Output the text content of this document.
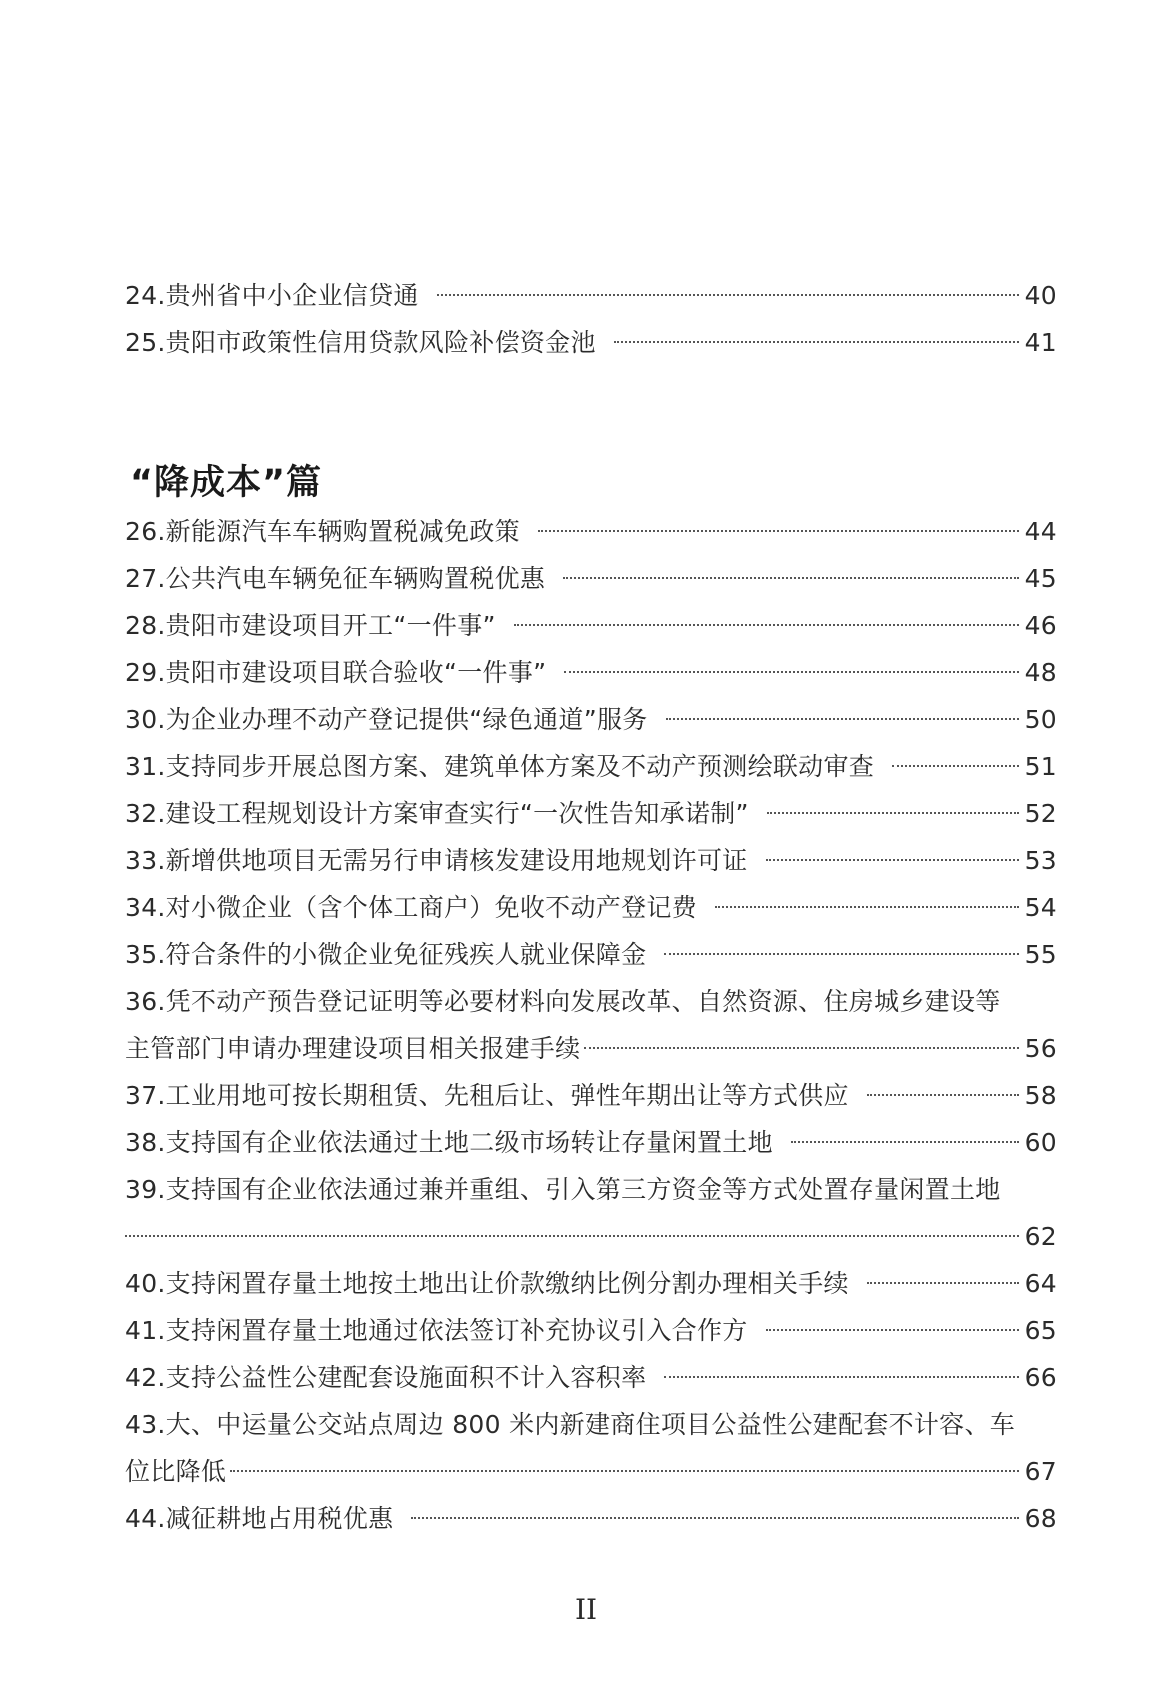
24.贵州省中小企业信贷通	40
25.贵阳市政策性信用贷款风险补偿资金池	41
“降成本”篇
26.新能源汽车车辆购置税减免政策	44
27.公共汽电车辆免征车辆购置税优惠	45
28.贵阳市建设项目开工“一件事”	46
29.贵阳市建设项目联合验收“一件事”	48
30.为企业办理不动产登记提供“绿色通道”服务	50
31.支持同步开展总图方案、建筑单体方案及不动产预测绘联动审查	51
32.建设工程规划设计方案审查实行“一次性告知承诺制”	52
33.新增供地项目无需另行申请核发建设用地规划许可证	53
34.对小微企业（含个体工商户）免收不动产登记费	54
35.符合条件的小微企业免征残疾人就业保障金	55
36.凭不动产预告登记证明等必要材料向发展改革、自然资源、住房城乡建设等
主管部门申请办理建设项目相关报建手续	56
37.工业用地可按长期租赁、先租后让、弹性年期出让等方式供应	58
38.支持国有企业依法通过土地二级市场转让存量闲置土地	60
39.支持国有企业依法通过兼并重组、引入第三方资金等方式处置存量闲置土地
62
40.支持闲置存量土地按土地出让价款缴纳比例分割办理相关手续	64
41.支持闲置存量土地通过依法签订补充协议引入合作方	65
42.支持公益性公建配套设施面积不计入容积率	66
43.大、中运量公交站点周边 800 米内新建商住项目公益性公建配套不计容、车
位比降低	67
44.减征耕地占用税优惠	68
II
